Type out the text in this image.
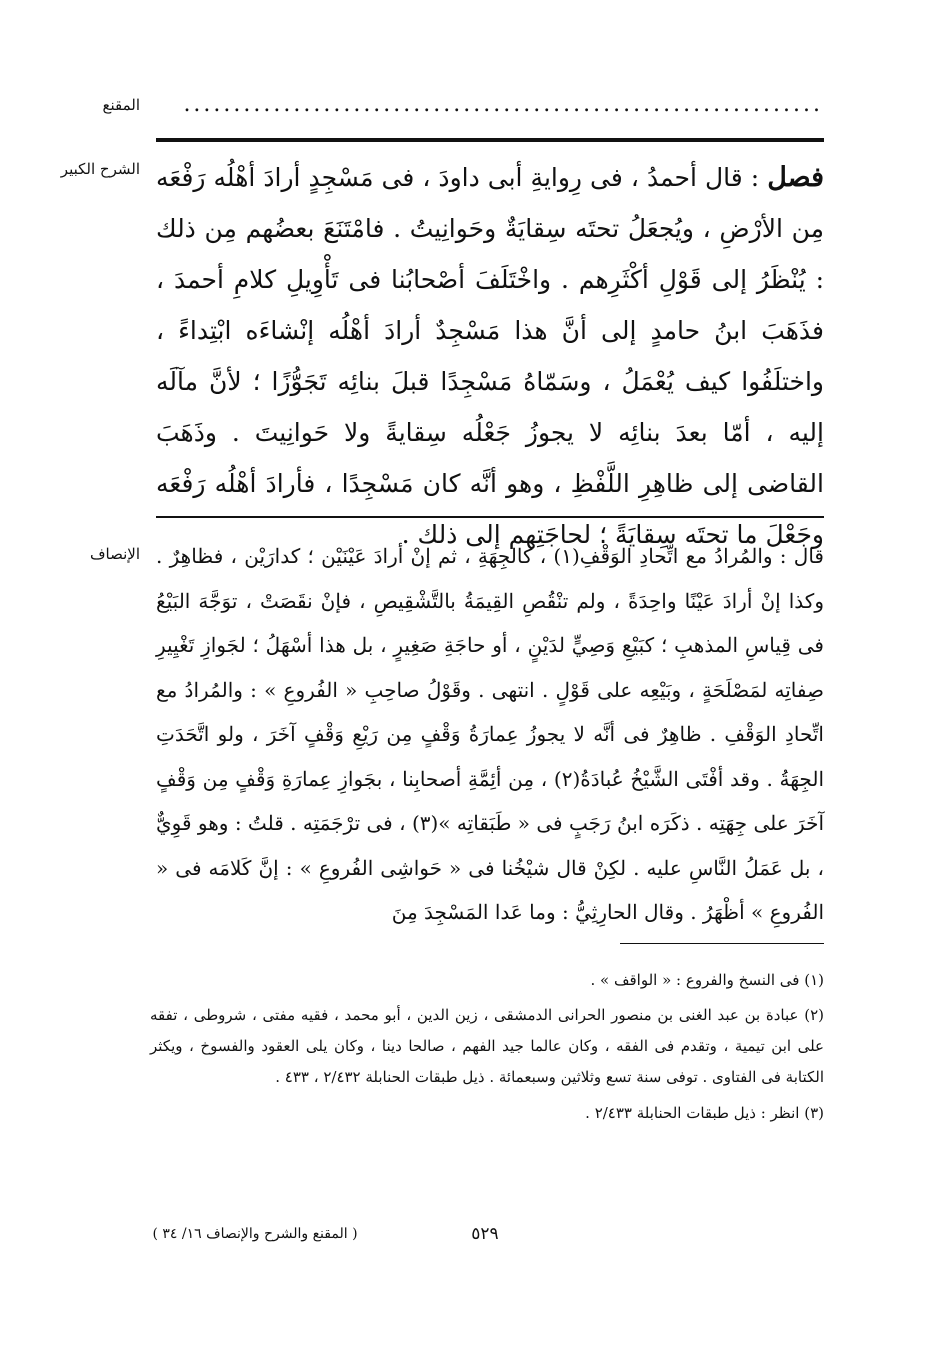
المقنع	................................................................
الشرح الكبير	فصل : قال أحمدُ ، فى رِوايةِ أبى داودَ ، فى مَسْجِدٍ أرادَ أهْلُه رَفْعَه مِن الأرْضِ ، ويُجعَلُ تحتَه سِقايَةٌ وحَوانِيتُ . فامْتَنَعَ بعضُهم مِن ذلك : يُنْظَرُ إلى قَوْلِ أكْثَرِهم . واخْتَلَفَ أصْحابُنا فى تَأْوِيلِ كلامِ أحمدَ ، فذَهَبَ ابنُ حامدٍ إلى أنَّ هذا مَسْجِدٌ أرادَ أهْلُه إنْشاءَه ابْتِداءً ، واختلَفُوا كيف يُعْمَلُ ، وسَمّاهُ مَسْجِدًا قبلَ بنائِه تَجَوُّزًا ؛ لأنَّ مآلَه إليه ، أمّا بعدَ بنائِه لا يجوزُ جَعْلُه سِقايةً ولا حَوانِيتَ . وذَهَبَ القاضى إلى ظاهِرِ اللَّفْظِ ، وهو أنَّه كان مَسْجِدًا ، فأرادَ أهْلُه رَفْعَه وجَعْلَ ما تحتَه سِقايَةً ؛ لحاجَتِهم إلى ذلك .
الإنصاف قال : والمُرادُ مع اتِّحادِ الوَقْفِ(١) ، كالجِهَةِ ، ثم إنْ أرادَ عَيْنَيْن ؛ كدارَيْن ، فظاهِرٌ . وكذا إنْ أرادَ عَيْنًا واحِدَةً ، ولم تنْقُصِ القِيمَةُ بالتَّشْقِيصِ ، فإنْ نقَصَتْ ، توَجَّهَ البَيْعُ فى قِياسِ المذهبِ ؛ كبَيْعِ وَصِيٍّ لدَيْنٍ ، أو حاجَةِ صَغِيرٍ ، بل هذا أسْهَلُ ؛ لجَوازِ تَغْيِيرِ صِفاتِه لمَصْلَحَةٍ ، وبَيْعِه على قَوْلٍ . انتهى . وقَوْلُ صاحِبِ « الفُروعِ » : والمُرادُ مع اتِّحادِ الوَقْفِ . ظاهِرٌ فى أنَّه لا يجوزُ عِمارَةُ وَقْفٍ مِن رَيْعِ وَقْفٍ آخَرَ ، ولو اتَّحَدَتِ الجِهَةُ . وقد أفْتَى الشَّيْخُ عُبادَةُ(٢) ، مِن أئِمَّةِ أصحابِنا ، بجَوازِ عِمارَةِ وَقْفٍ مِن وَقْفٍ آخَرَ على جِهَتِه . ذكَرَه ابنُ رَجَبٍ فى « طَبَقاتِه »(٣) ، فى ترْجَمَتِه . قلتُ : وهو قَوِيٌّ ، بل عَمَلُ النَّاسِ عليه . لكِنْ قال شيْخُنا فى « حَواشِى الفُروعِ » : إنَّ كَلامَه فى « الفُروعِ » أظْهَرُ . وقال الحارِثِيُّ : وما عَدا المَسْجِدَ مِنَ
(١) فى النسخ والفروع : « الواقف » .
(٢) عبادة بن عبد الغنى بن منصور الحرانى الدمشقى ، زين الدين ، أبو محمد ، فقيه مفتى ، شروطى ، تفقه على ابن تيمية ، وتقدم فى الفقه ، وكان عالما جيد الفهم ، صالحا دينا ، وكان يلى العقود والفسوخ ، ويكثر الكتابة فى الفتاوى . توفى سنة تسع وثلاثين وسبعمائة . ذيل طبقات الحنابلة ٢/٤٣٢ ، ٤٣٣ .
(٣) انظر : ذيل طبقات الحنابلة ٢/٤٣٣ .
٥٢٩
( المقنع والشرح والإنصاف ١٦/ ٣٤ )
